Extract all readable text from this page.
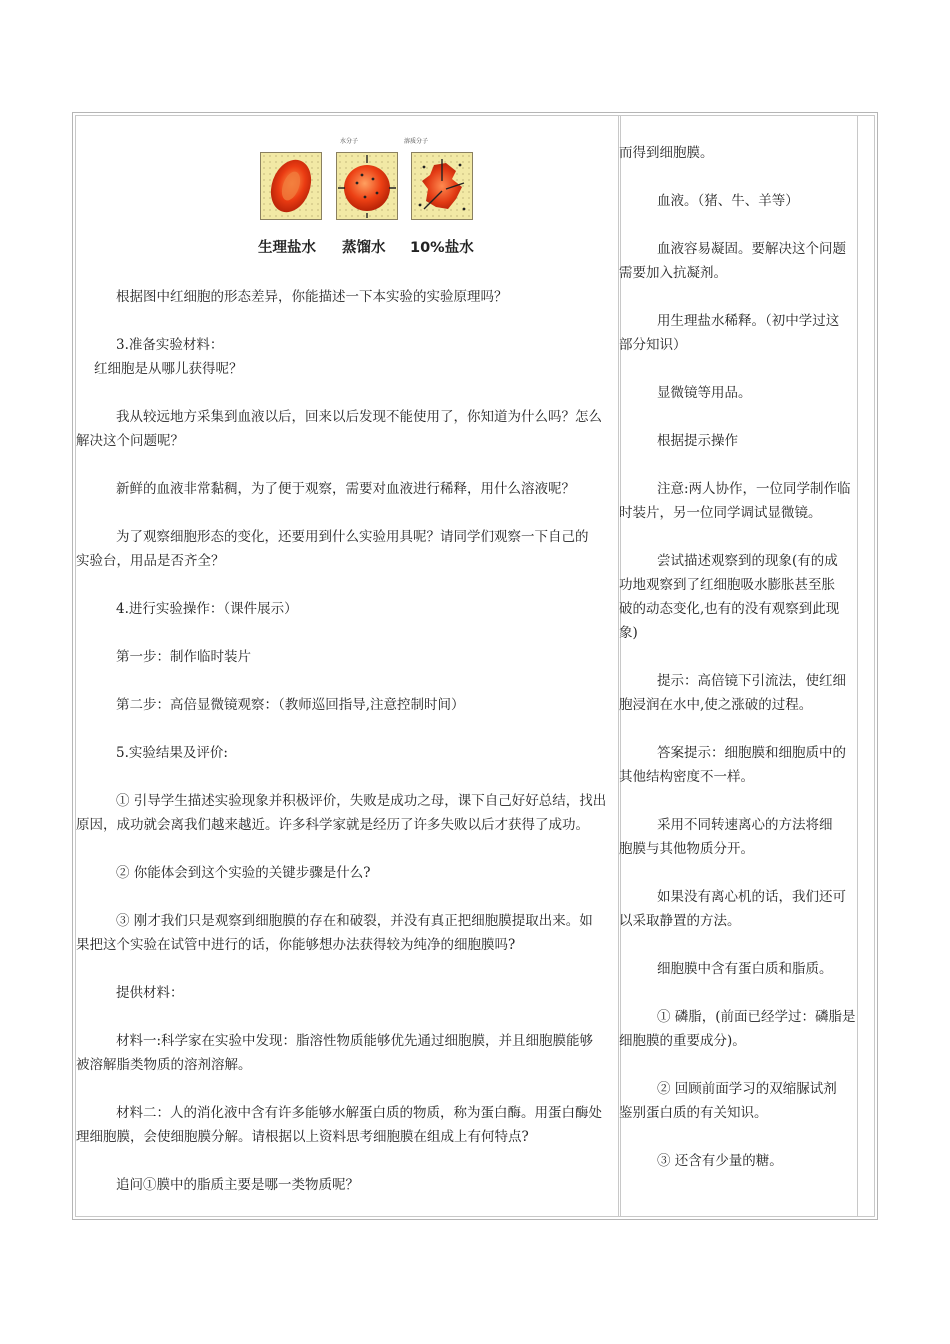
水分子	溶质分子
生理盐水 蒸馏水 10%盐水
根据图中红细胞的形态差异，你能描述一下本实验的实验原理吗？
3.准备实验材料：
红细胞是从哪儿获得呢？
我从较远地方采集到血液以后，回来以后发现不能使用了，你知道为什么吗？怎么
解决这个问题呢？
新鲜的血液非常黏稠，为了便于观察，需要对血液进行稀释，用什么溶液呢？
为了观察细胞形态的变化，还要用到什么实验用具呢？请同学们观察一下自己的
实验台，用品是否齐全？
4.进行实验操作：（课件展示）
第一步：制作临时装片
第二步：高倍显微镜观察：（教师巡回指导,注意控制时间）
5.实验结果及评价:
① 引导学生描述实验现象并积极评价，失败是成功之母，课下自己好好总结，找出
原因，成功就会离我们越来越近。许多科学家就是经历了许多失败以后才获得了成功。
② 你能体会到这个实验的关键步骤是什么?
③ 刚才我们只是观察到细胞膜的存在和破裂，并没有真正把细胞膜提取出来。如
果把这个实验在试管中进行的话，你能够想办法获得较为纯净的细胞膜吗?
提供材料：
材料一:科学家在实验中发现：脂溶性物质能够优先通过细胞膜，并且细胞膜能够
被溶解脂类物质的溶剂溶解。
材料二：人的消化液中含有许多能够水解蛋白质的物质，称为蛋白酶。用蛋白酶处
理细胞膜，会使细胞膜分解。请根据以上资料思考细胞膜在组成上有何特点?
追问①膜中的脂质主要是哪一类物质呢？
而得到细胞膜。
血液。（猪、牛、羊等）
血液容易凝固。要解决这个问题
需要加入抗凝剂。
用生理盐水稀释。（初中学过这
部分知识）
显微镜等用品。
根据提示操作
注意:两人协作，一位同学制作临
时装片，另一位同学调试显微镜。
尝试描述观察到的现象(有的成
功地观察到了红细胞吸水膨胀甚至胀
破的动态变化,也有的没有观察到此现
象)
提示：高倍镜下引流法，使红细
胞浸润在水中,使之涨破的过程。
答案提示：细胞膜和细胞质中的
其他结构密度不一样。
采用不同转速离心的方法将细
胞膜与其他物质分开。
如果没有离心机的话，我们还可
以采取静置的方法。
细胞膜中含有蛋白质和脂质。
① 磷脂，(前面已经学过：磷脂是
细胞膜的重要成分)。
② 回顾前面学习的双缩脲试剂
鉴别蛋白质的有关知识。
③ 还含有少量的糖。
